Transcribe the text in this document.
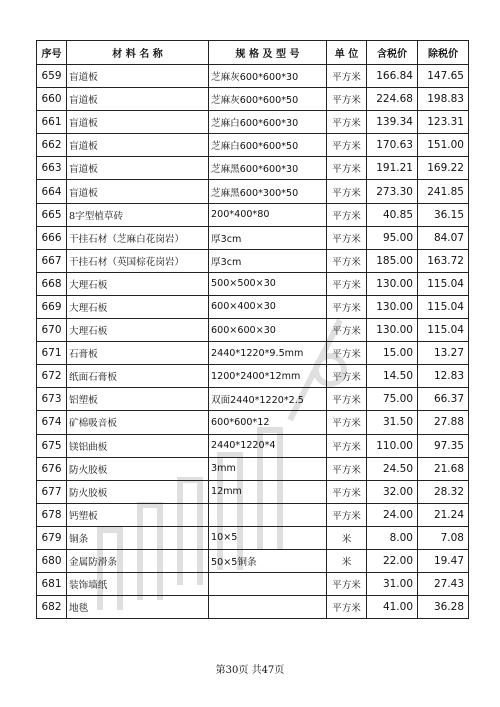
序号	材 料 名 称	规 格 及 型 号	单 位	含税价	除税价
659	盲道板	芝麻灰600*600*30	平方米	166.84	147.65
660	盲道板	芝麻灰600*600*50	平方米	224.68	198.83
661	盲道板	芝麻白600*600*30	平方米	139.34	123.31
662	盲道板	芝麻白600*600*50	平方米	170.63	151.00
663	盲道板	芝麻黑600*600*30	平方米	191.21	169.22
664	盲道板	芝麻黑600*300*50	平方米	273.30	241.85
665	8字型植草砖	200*400*80	平方米	40.85	36.15
666	干挂石材（芝麻白花岗岩）	厚3cm	平方米	95.00	84.07
667	干挂石材（英国棕花岗岩）	厚3cm	平方米	185.00	163.72
668	大理石板	500×500×30	平方米	130.00	115.04
669	大理石板	600×400×30	平方米	130.00	115.04
670	大理石板	600×600×30	平方米	130.00	115.04
671	石膏板	2440*1220*9.5mm	平方米	15.00	13.27
672	纸面石膏板	1200*2400*12mm	平方米	14.50	12.83
673	铝塑板	双面2440*1220*2.5	平方米	75.00	66.37
674	矿棉吸音板	600*600*12	平方米	31.50	27.88
675	镁铝曲板	2440*1220*4	平方米	110.00	97.35
676	防火胶板	3mm	平方米	24.50	21.68
677	防火胶板	12mm	平方米	32.00	28.32
678	钙塑板		平方米	24.00	21.24
679	铜条	10×5	米	8.00	7.08
680	金属防滑条	50×5铜条	米	22.00	19.47
681	装饰墙纸		平方米	31.00	27.43
682	地毯		平方米	41.00	36.28
第30页 共47页
